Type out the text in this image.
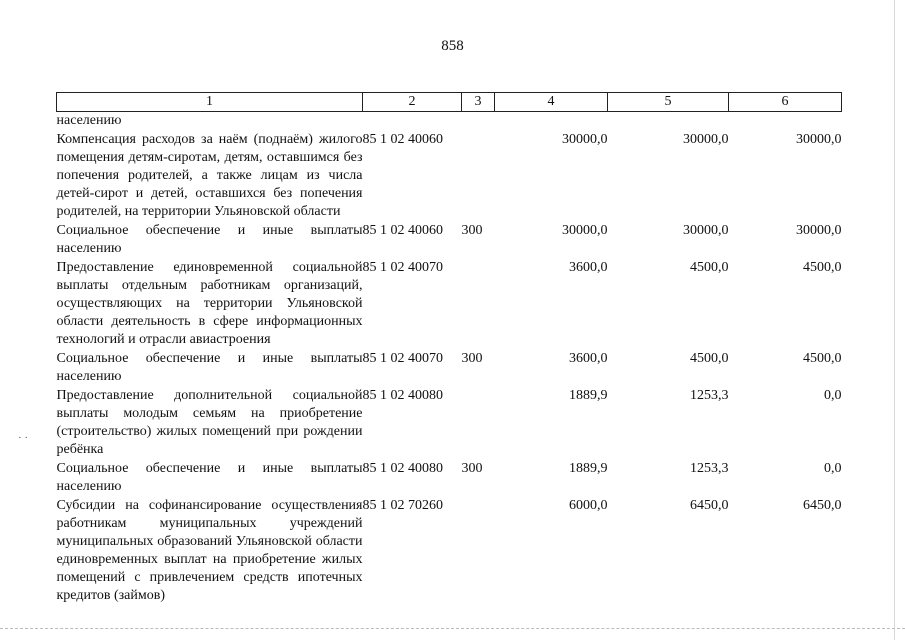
858
· ·
1	2	3	4	5	6
населению					
Компенсация расходов за наём (поднаём) жилого помещения детям-сиротам, детям, оставшимся без попечения родителей, а также лицам из числа детей-сирот и детей, оставшихся без попечения родителей, на территории Ульяновской области	85 1 02 40060		30000,0	30000,0	30000,0
Социальное обеспечение и иные выплаты населению	85 1 02 40060	300	30000,0	30000,0	30000,0
Предоставление единовременной социальной выплаты отдельным работникам организаций, осуществляющих на территории Ульяновской области деятельность в сфере информационных технологий и отрасли авиастроения	85 1 02 40070		3600,0	4500,0	4500,0
Социальное обеспечение и иные выплаты населению	85 1 02 40070	300	3600,0	4500,0	4500,0
Предоставление дополнительной социальной выплаты молодым семьям на приобретение (строительство) жилых помещений при рождении ребёнка	85 1 02 40080		1889,9	1253,3	0,0
Социальное обеспечение и иные выплаты населению	85 1 02 40080	300	1889,9	1253,3	0,0
Субсидии на софинансирование осуществления работникам муниципальных учреждений муниципальных образований Ульяновской области единовременных выплат на приобретение жилых помещений с привлечением средств ипотечных кредитов (займов)	85 1 02 70260		6000,0	6450,0	6450,0
